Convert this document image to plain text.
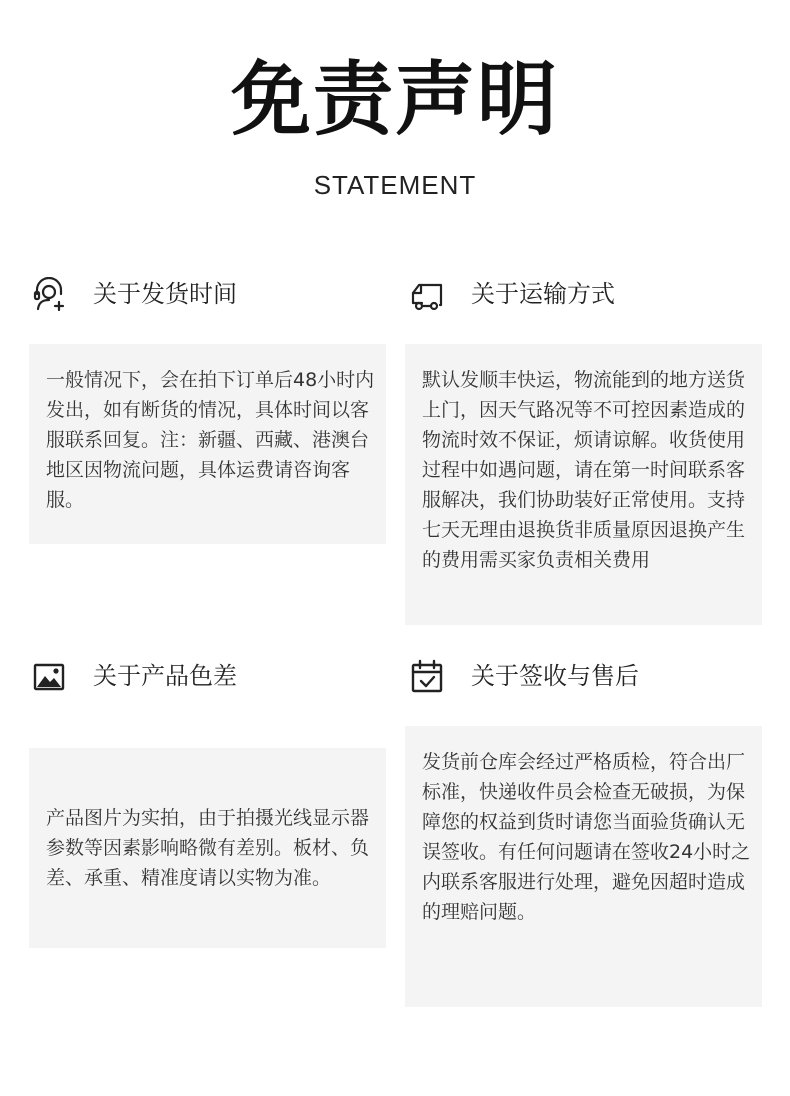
免责声明
STATEMENT
关于发货时间

一般情况下，会在拍下订单后48小时内发出，如有断货的情况，具体时间以客服联系回复。注：新疆、西藏、港澳台地区因物流问题，具体运费请咨询客服。

关于运输方式

默认发顺丰快运，物流能到的地方送货上门，因天气路况等不可控因素造成的物流时效不保证，烦请谅解。收货使用过程中如遇问题，请在第一时间联系客服解决，我们协助装好正常使用。支持七天无理由退换货非质量原因退换产生的费用需买家负责相关费用

关于产品色差

产品图片为实拍，由于拍摄光线显示器参数等因素影响略微有差别。板材、负差、承重、精准度请以实物为准。

关于签收与售后

发货前仓库会经过严格质检，符合出厂标准，快递收件员会检查无破损，为保障您的权益到货时请您当面验货确认无误签收。有任何问题请在签收24小时之内联系客服进行处理，避免因超时造成的理赔问题。
